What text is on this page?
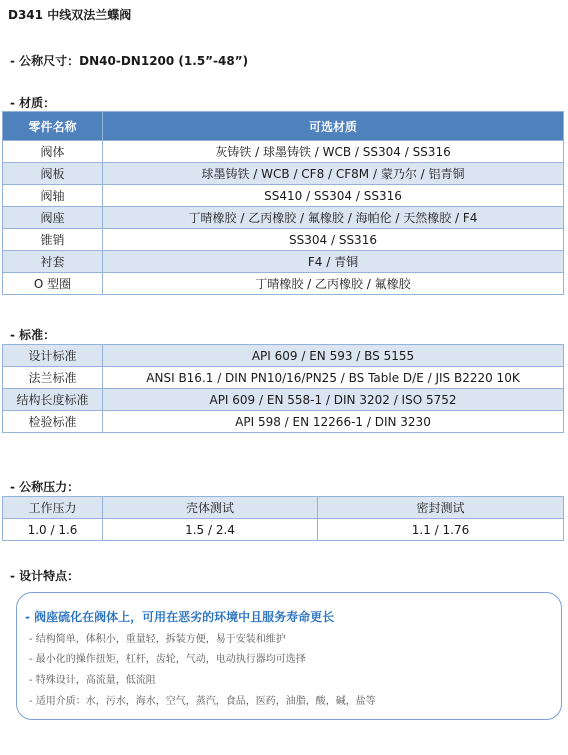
D341 中线双法兰蝶阀
- 公称尺寸：DN40-DN1200 (1.5”-48”)
- 材质：
零件名称	可选材质
阀体	灰铸铁 / 球墨铸铁 / WCB / SS304 / SS316
阀板	球墨铸铁 / WCB / CF8 / CF8M / 蒙乃尔 / 铝青铜
阀轴	SS410 / SS304 / SS316
阀座	丁晴橡胶 / 乙丙橡胶 / 氟橡胶 / 海帕伦 / 天然橡胶 / F4
锥销	SS304 / SS316
衬套	F4 / 青铜
O 型圈	丁晴橡胶 / 乙丙橡胶 / 氟橡胶
- 标准：
设计标准	API 609 / EN 593 / BS 5155
法兰标准	ANSI B16.1 / DIN PN10/16/PN25 / BS Table D/E / JIS B2220 10K
结构长度标准	API 609 / EN 558-1 / DIN 3202 / ISO 5752
检验标准	API 598 / EN 12266-1 / DIN 3230
- 公称压力：
工作压力	壳体测试	密封测试
1.0 / 1.6	1.5 / 2.4	1.1 / 1.76
- 设计特点：
- 阀座硫化在阀体上，可用在恶劣的环境中且服务寿命更长
- 结构简单，体积小，重量轻，拆装方便，易于安装和维护
- 最小化的操作扭矩，杠杆，齿轮，气动，电动执行器均可选择
- 特殊设计，高流量，低流阻
- 适用介质：水，污水，海水，空气，蒸汽，食品，医药，油脂，酸，碱，盐等
